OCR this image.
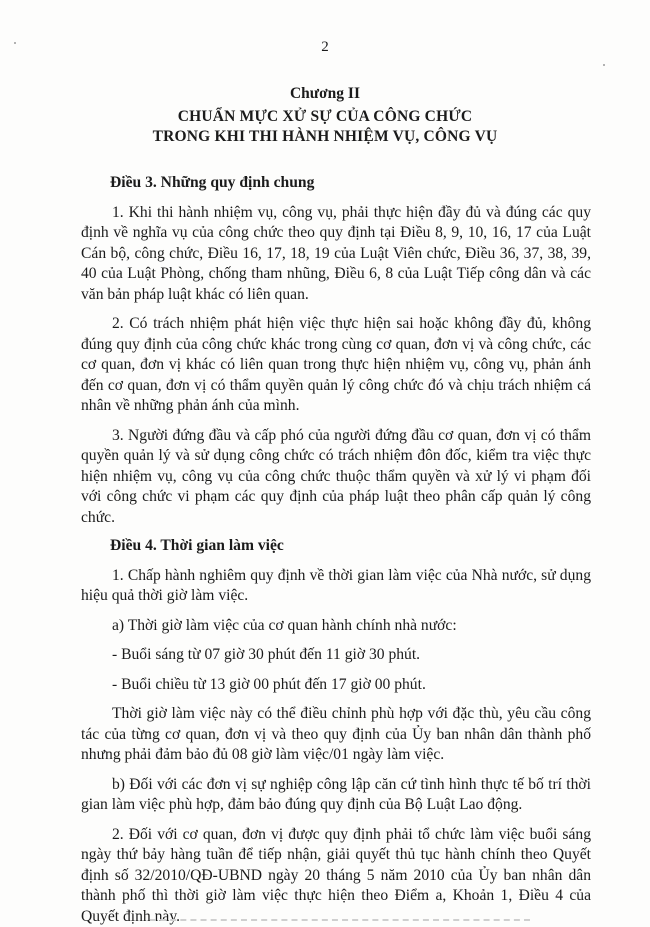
2
Chương II
CHUẨN MỰC XỬ SỰ CỦA CÔNG CHỨC
TRONG KHI THI HÀNH NHIỆM VỤ, CÔNG VỤ
Điều 3. Những quy định chung

1. Khi thi hành nhiệm vụ, công vụ, phải thực hiện đầy đủ và đúng các quy định về nghĩa vụ của công chức theo quy định tại Điều 8, 9, 10, 16, 17 của Luật Cán bộ, công chức, Điều 16, 17, 18, 19 của Luật Viên chức, Điều 36, 37, 38, 39, 40 của Luật Phòng, chống tham nhũng, Điều 6, 8 của Luật Tiếp công dân và các văn bản pháp luật khác có liên quan.

2. Có trách nhiệm phát hiện việc thực hiện sai hoặc không đầy đủ, không đúng quy định của công chức khác trong cùng cơ quan, đơn vị và công chức, các cơ quan, đơn vị khác có liên quan trong thực hiện nhiệm vụ, công vụ, phản ánh đến cơ quan, đơn vị có thẩm quyền quản lý công chức đó và chịu trách nhiệm cá nhân về những phản ánh của mình.

3. Người đứng đầu và cấp phó của người đứng đầu cơ quan, đơn vị có thẩm quyền quản lý và sử dụng công chức có trách nhiệm đôn đốc, kiểm tra việc thực hiện nhiệm vụ, công vụ của công chức thuộc thẩm quyền và xử lý vi phạm đối với công chức vi phạm các quy định của pháp luật theo phân cấp quản lý công chức.

Điều 4. Thời gian làm việc

1. Chấp hành nghiêm quy định về thời gian làm việc của Nhà nước, sử dụng hiệu quả thời giờ làm việc.

a) Thời giờ làm việc của cơ quan hành chính nhà nước:

- Buổi sáng từ 07 giờ 30 phút đến 11 giờ 30 phút.

- Buổi chiều từ 13 giờ 00 phút đến 17 giờ 00 phút.

Thời giờ làm việc này có thể điều chỉnh phù hợp với đặc thù, yêu cầu công tác của từng cơ quan, đơn vị và theo quy định của Ủy ban nhân dân thành phố nhưng phải đảm bảo đủ 08 giờ làm việc/01 ngày làm việc.

b) Đối với các đơn vị sự nghiệp công lập căn cứ tình hình thực tế bố trí thời gian làm việc phù hợp, đảm bảo đúng quy định của Bộ Luật Lao động.

2. Đối với cơ quan, đơn vị được quy định phải tổ chức làm việc buổi sáng ngày thứ bảy hàng tuần để tiếp nhận, giải quyết thủ tục hành chính theo Quyết định số 32/2010/QĐ-UBND ngày 20 tháng 5 năm 2010 của Ủy ban nhân dân thành phố thì thời giờ làm việc thực hiện theo Điểm a, Khoản 1, Điều 4 của Quyết định này.
